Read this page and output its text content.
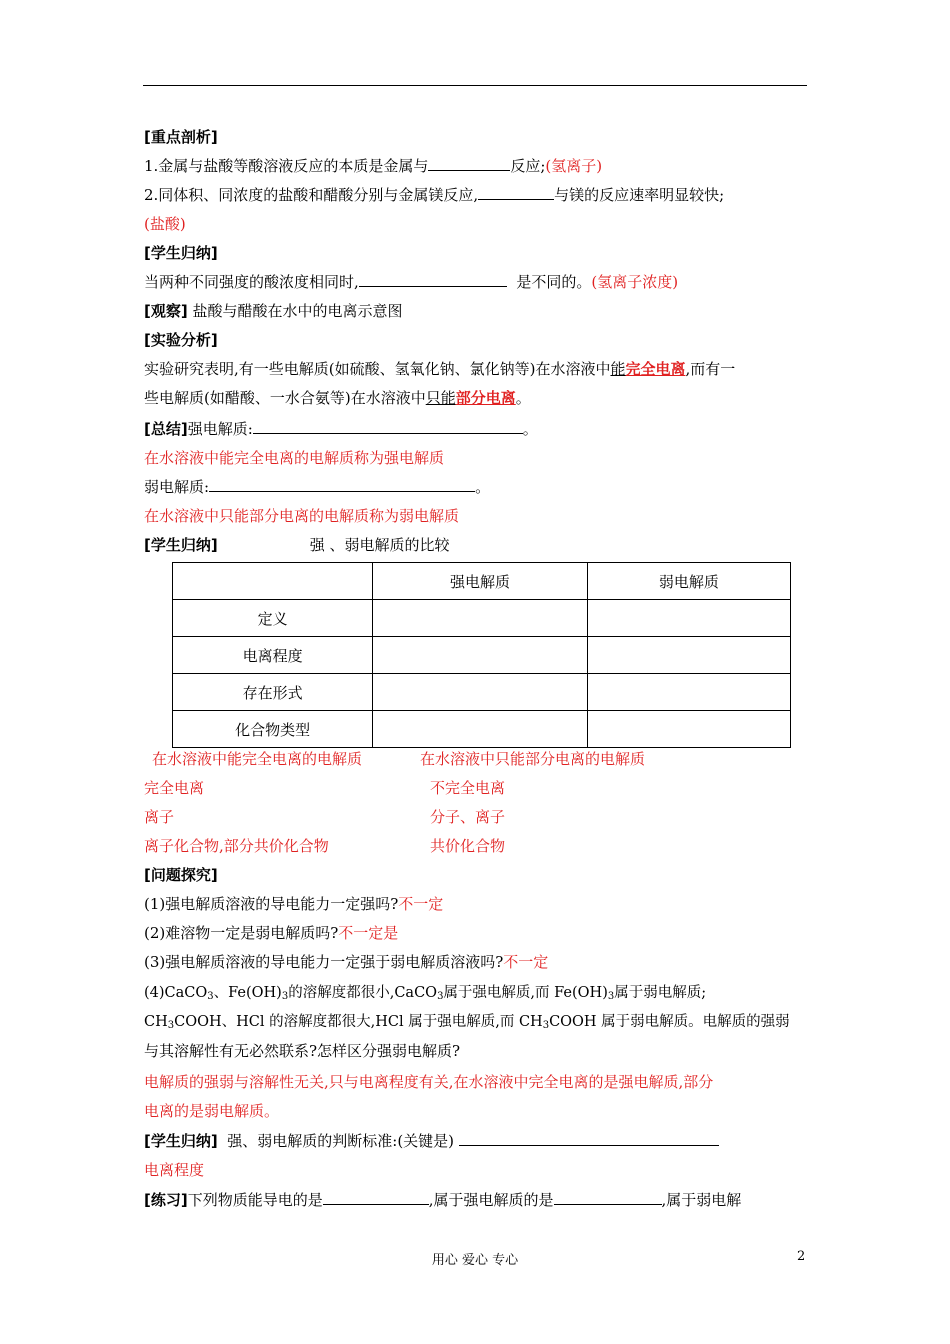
[重点剖析]
1.金属与盐酸等酸溶液反应的本质是金属与	反应;(氢离子)
2.同体积、同浓度的盐酸和醋酸分别与金属镁反应,	与镁的反应速率明显较快;
(盐酸)
[学生归纳]
当两种不同强度的酸浓度相同时,	是不同的。(氢离子浓度)
[观察] 盐酸与醋酸在水中的电离示意图
[实验分析]
实验研究表明,有一些电解质(如硫酸、氢氧化钠、氯化钠等)在水溶液中能完全电离,而有一
些电解质(如醋酸、一水合氨等)在水溶液中只能部分电离。
[总结]强电解质:	。
在水溶液中能完全电离的电解质称为强电解质
弱电解质:	。
在水溶液中只能部分电离的电解质称为弱电解质
[学生归纳]	强 、弱电解质的比较
	强电解质	弱电解质
定义		
电离程度		
存在形式		
化合物类型		
在水溶液中能完全电离的电解质	在水溶液中只能部分电离的电解质
完全电离	不完全电离
离子	分子、离子
离子化合物,部分共价化合物	共价化合物
[问题探究]
(1)强电解质溶液的导电能力一定强吗?不一定
(2)难溶物一定是弱电解质吗?不一定是
(3)强电解质溶液的导电能力一定强于弱电解质溶液吗?不一定
(4)CaCO$_3$、$Fe(OH)_3$的溶解度都很小,CaCO$_3$属于强电解质,而 $Fe(OH)_3$属于弱电解质;
$CH_3COOH$、HCl 的溶解度都很大,HCl 属于强电解质,而 $CH_3COOH$ 属于弱电解质。电解质的强弱
与其溶解性有无必然联系?怎样区分强弱电解质?
电解质的强弱与溶解性无关,只与电离程度有关,在水溶液中完全电离的是强电解质,部分
电离的是弱电解质。
[学生归纳] 强、弱电解质的判断标准:(关键是)
电离程度
[练习]下列物质能导电的是	,属于强电解质的是	,属于弱电解
用心 爱心 专心	2
